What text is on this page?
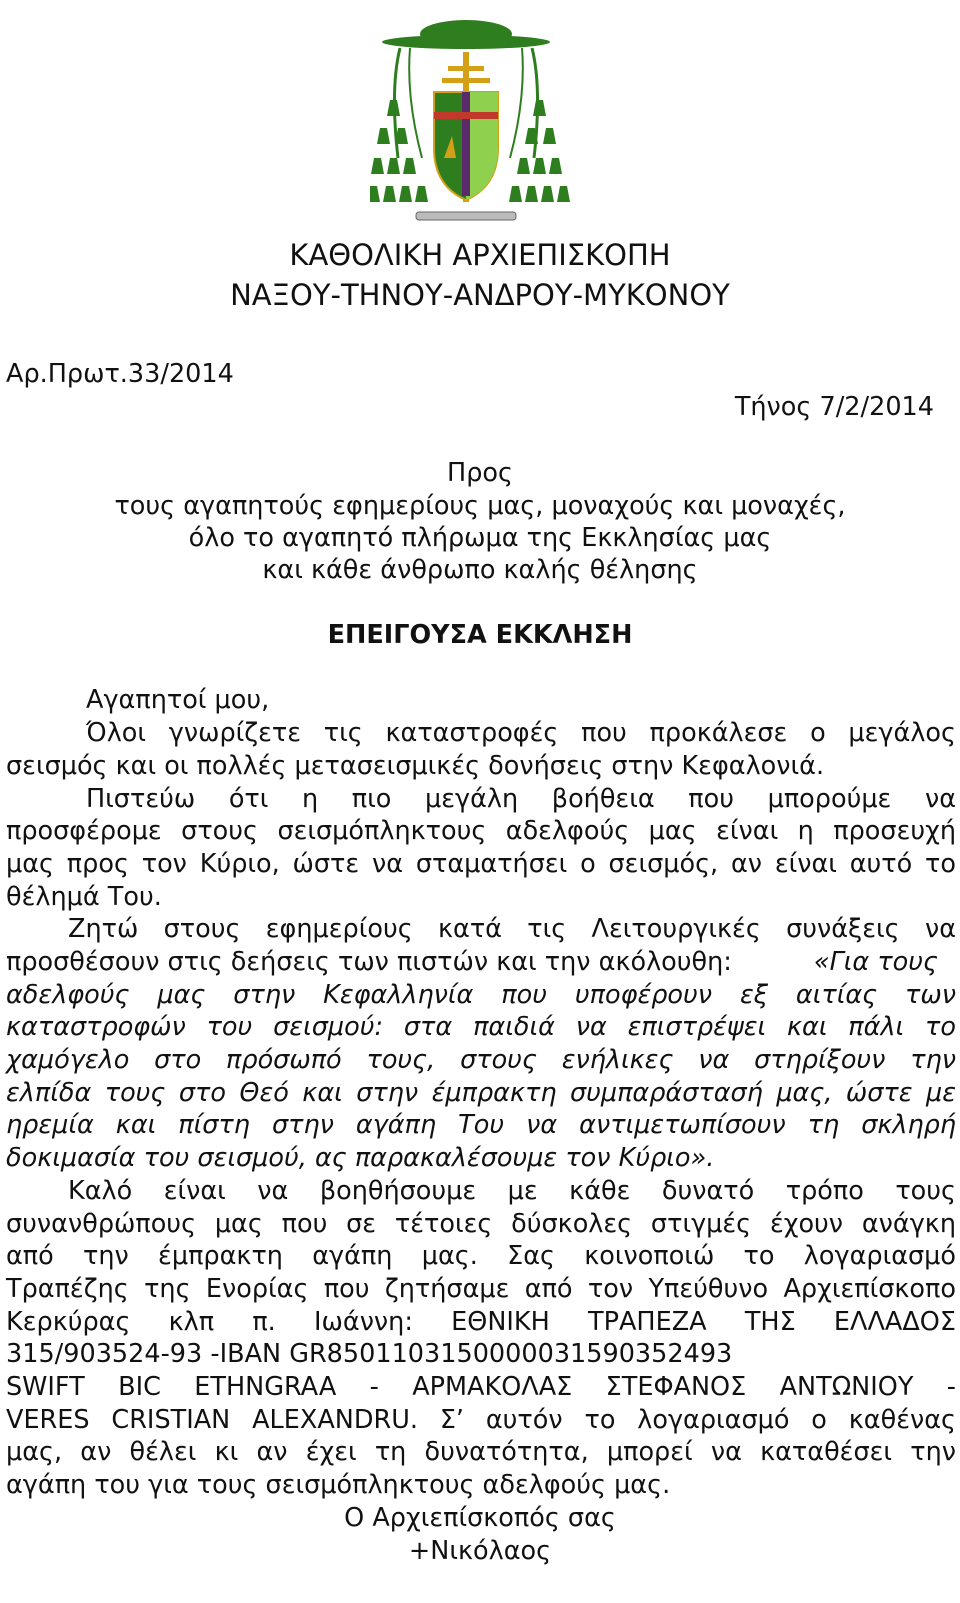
ΚΑΘΟΛΙΚΗ ΑΡΧΙΕΠΙΣΚΟΠΗ

ΝΑΞΟΥ-ΤΗΝΟΥ-ΑΝΔΡΟΥ-ΜΥΚΟΝΟΥ

Αρ.Πρωτ.33/2014

Τήνος 7/2/2014

Προς

τους αγαπητούς εφημερίους μας, μοναχούς και μοναχές,

όλο το αγαπητό πλήρωμα της Εκκλησίας μας

και κάθε άνθρωπο καλής θέλησης

ΕΠΕΙΓΟΥΣΑ ΕΚΚΛΗΣΗ

Αγαπητοί μου,

Όλοι γνωρίζετε τις καταστροφές που προκάλεσε ο μεγάλος

σεισμός και οι πολλές μετασεισμικές δονήσεις στην Κεφαλονιά.

Πιστεύω ότι η πιο μεγάλη βοήθεια που μπορούμε να

προσφέρομε στους σεισμόπληκτους αδελφούς μας είναι η προσευχή

μας προς τον Κύριο, ώστε να σταματήσει ο σεισμός, αν είναι αυτό το

θέλημά Του.

Ζητώ στους εφημερίους κατά τις Λειτουργικές συνάξεις να

προσθέσουν στις δεήσεις των πιστών και την ακόλουθη:	«Για τους

αδελφούς μας στην Κεφαλληνία που υποφέρουν εξ αιτίας των

καταστροφών του σεισμού: στα παιδιά να επιστρέψει και πάλι το

χαμόγελο στο πρόσωπό τους, στους ενήλικες να στηρίξουν την

ελπίδα τους στο Θεό και στην έμπρακτη συμπαράστασή μας, ώστε με

ηρεμία και πίστη στην αγάπη Του να αντιμετωπίσουν τη σκληρή

δοκιμασία του σεισμού, ας παρακαλέσουμε τον Κύριο».

Καλό είναι να βοηθήσουμε με κάθε δυνατό τρόπο τους

συνανθρώπους μας που σε τέτοιες δύσκολες στιγμές έχουν ανάγκη

από την έμπρακτη αγάπη μας. Σας κοινοποιώ το λογαριασμό

Τραπέζης της Ενορίας που ζητήσαμε από τον Υπεύθυνο Αρχιεπίσκοπο

Κερκύρας κλπ π. Ιωάννη: ΕΘΝΙΚΗ ΤΡΑΠΕΖΑ ΤΗΣ ΕΛΛΑΔΟΣ

315/903524-93 -IBAN GR8501103150000031590352493

SWIFT BIC ETHNGRAA - ΑΡΜΑΚΟΛΑΣ ΣΤΕΦΑΝΟΣ ΑΝΤΩΝΙΟΥ -

VERES CRISTIAN ALEXANDRU. Σ’ αυτόν το λογαριασμό ο καθένας

μας, αν θέλει κι αν έχει τη δυνατότητα, μπορεί να καταθέσει την

αγάπη του για τους σεισμόπληκτους αδελφούς μας.

Ο Αρχιεπίσκοπός σας

+Νικόλαος
